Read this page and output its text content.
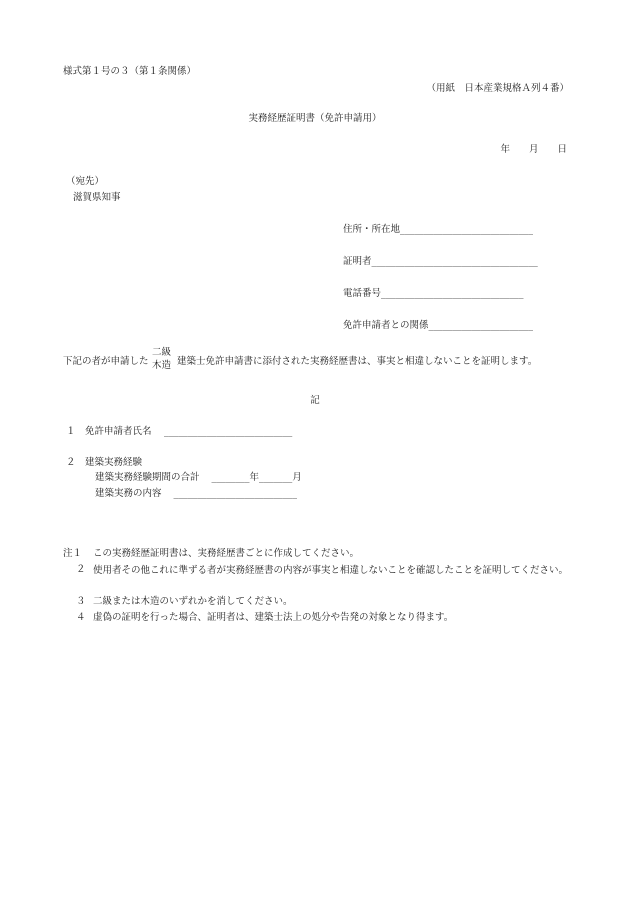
様式第１号の３（第１条関係）
（用紙　日本産業規格Ａ列４番）
実務経歴証明書（免許申請用）
年　　月　　日
（宛先）
滋賀県知事
住所・所在地____________________________
証明者___________________________________
電話番号______________________________
免許申請者との関係______________________
下記の者が申請した
二級
木造 建築士免許申請書に添付された実務経歴書は、事実と相違しないことを証明します。
記
１ 免許申請者氏名 ___________________________
２ 建築実務経験
建築実務経験期間の合計 ________年_______月
建築実務の内容 __________________________
注１ この実務経歴証明書は、実務経歴書ごとに作成してください。
２ 使用者その他これに準ずる者が実務経歴書の内容が事実と相違しないことを確認したことを証明してください。
３ 二級または木造のいずれかを消してください。
４ 虚偽の証明を行った場合、証明者は、建築士法上の処分や告発の対象となり得ます。
